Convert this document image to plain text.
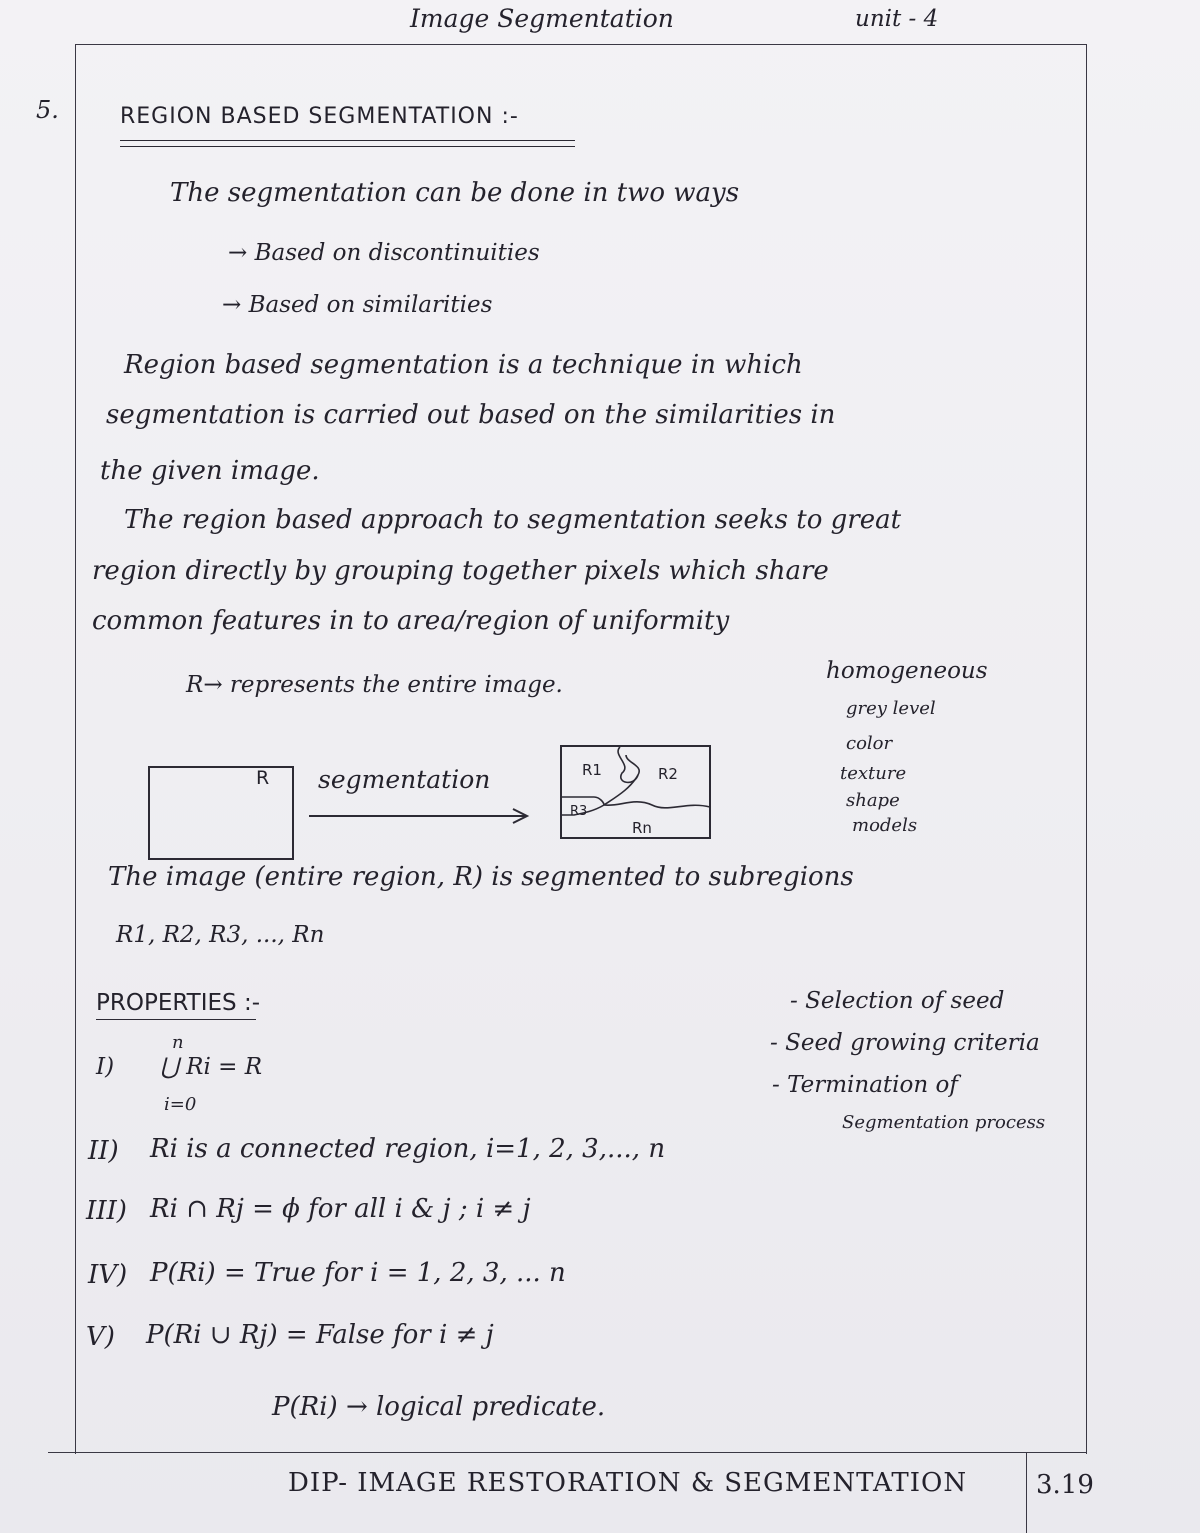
Image Segmentation	unit - 4
5.	REGION BASED SEGMENTATION :-
The segmentation can be done in two ways
→ Based on discontinuities
→ Based on similarities
Region based segmentation is a technique in which
segmentation is carried out based on the similarities in
the given image.
The region based approach to segmentation seeks to great
region directly by grouping together pixels which share
common features in to area/region of uniformity
R→ represents the entire image.
homogeneous
grey level
color
texture
shape
models
R segmentation	R1	R2
R3
Rn
The image (entire region, R) is segmented to subregions
R1, R2, R3, ..., Rn
PROPERTIES :-
n
I) ⋃ Ri = R
i=0
II) Ri is a connected region, i=1, 2, 3,..., n
III) Ri ∩ Rj = ϕ for all i & j ; i ≠ j
IV) P(Ri) = True for i = 1, 2, 3, ... n
V) P(Ri ∪ Rj) = False for i ≠ j
P(Ri) → logical predicate.
- Selection of seed
- Seed growing criteria
- Termination of
Segmentation process
DIP- IMAGE RESTORATION & SEGMENTATION	3.19
